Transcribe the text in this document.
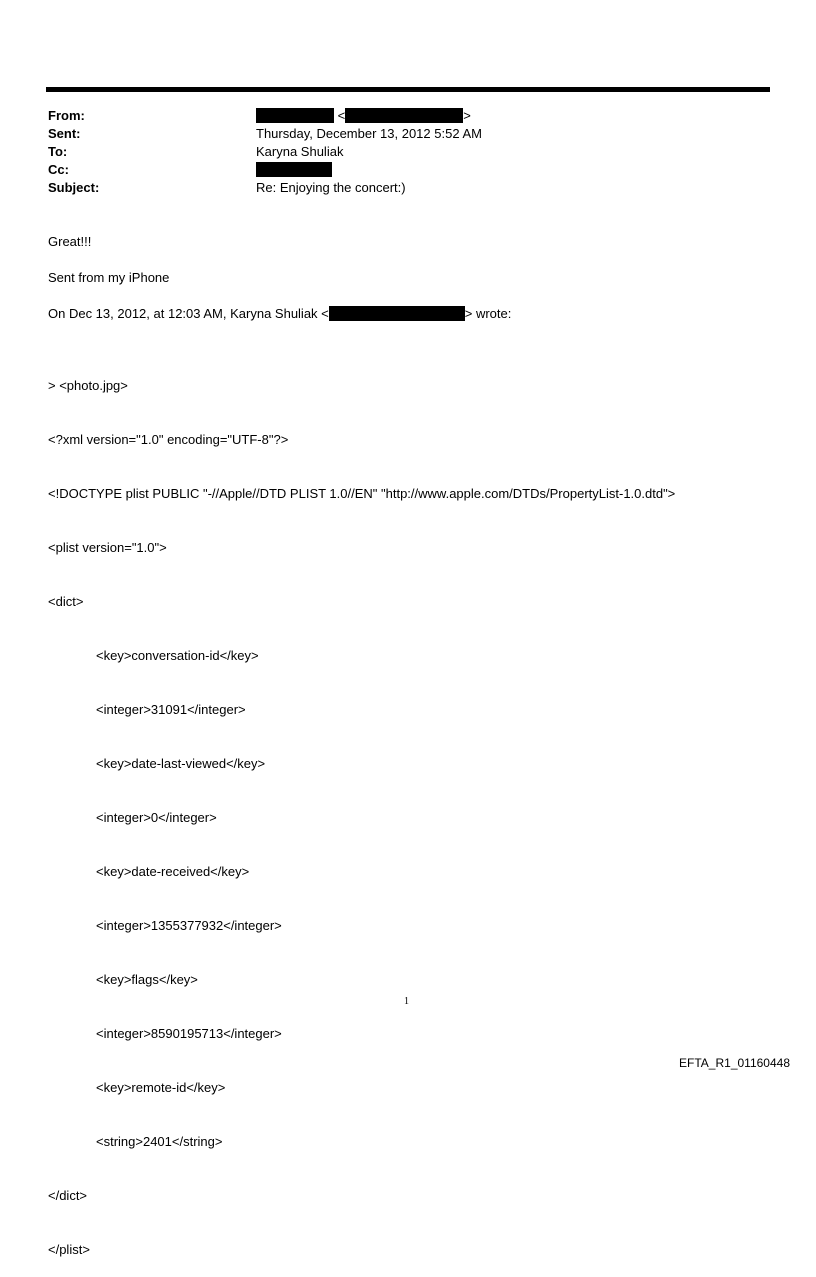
From:	<	>
Sent:	Thursday, December 13, 2012 5:52 AM
To:	Karyna Shuliak
Cc:
Subject:	Re: Enjoying the concert:)
Great!!!
Sent from my iPhone
On Dec 13, 2012, at 12:03 AM, Karyna Shuliak <	> wrote:

> <photo.jpg>

<?xml version="1.0" encoding="UTF-8"?>

<!DOCTYPE plist PUBLIC "-//Apple//DTD PLIST 1.0//EN" "http://www.apple.com/DTDs/PropertyList-1.0.dtd">

<plist version="1.0">

<dict>

<key>conversation-id</key>

<integer>31091</integer>

<key>date-last-viewed</key>

<integer>0</integer>

<key>date-received</key>

<integer>1355377932</integer>

<key>flags</key>

<integer>8590195713</integer>

<key>remote-id</key>

<string>2401</string>

</dict>

</plist>

1
EFTA_R1_01160448
